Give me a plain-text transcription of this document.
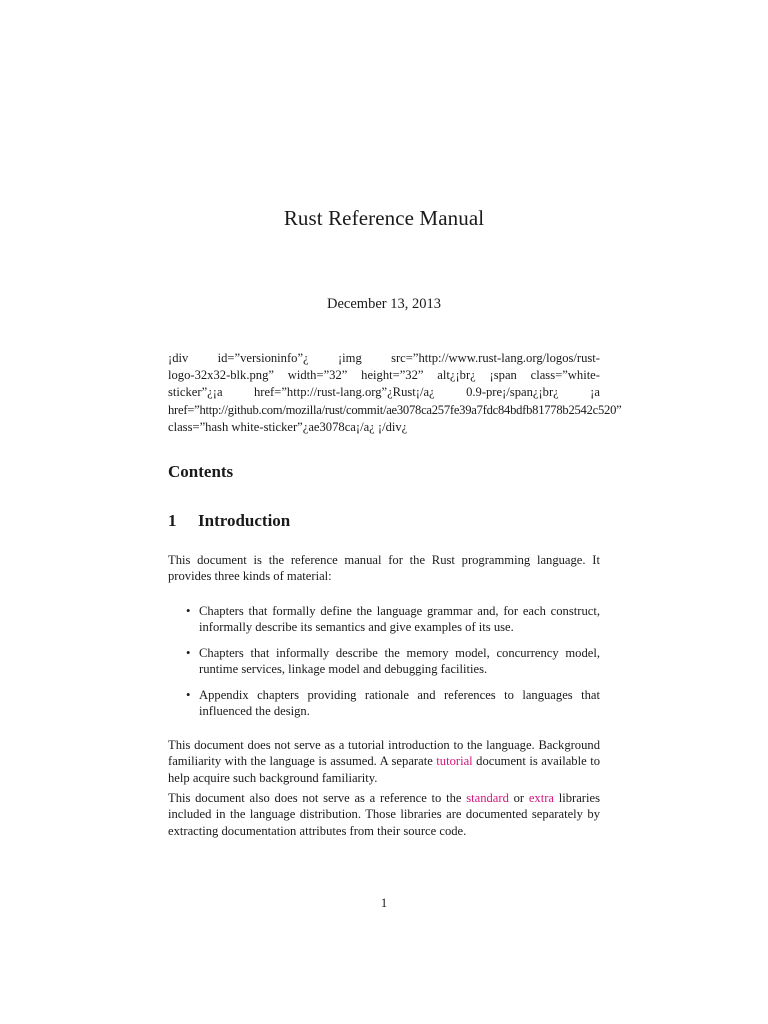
Rust Reference Manual
December 13, 2013
¡div id=”versioninfo”¿ ¡img src=”http://www.rust-lang.org/logos/rust-
logo-32x32-blk.png” width=”32” height=”32” alt¿¡br¿ ¡span class=”white-
sticker”¿¡a href=”http://rust-lang.org”¿Rust¡/a¿ 0.9-pre¡/span¿¡br¿ ¡a
href=”http://github.com/mozilla/rust/commit/ae3078ca257fe39a7fdc84bdfb81778b2542c520”
class=”hash white-sticker”¿ae3078ca¡/a¿ ¡/div¿
Contents
1 Introduction
This document is the reference manual for the Rust programming language. It provides three kinds of material:
• Chapters that formally define the language grammar and, for each construct, informally describe its semantics and give examples of its use.
• Chapters that informally describe the memory model, concurrency model, runtime services, linkage model and debugging facilities.
• Appendix chapters providing rationale and references to languages that influenced the design.
This document does not serve as a tutorial introduction to the language. Background familiarity with the language is assumed. A separate tutorial document is available to help acquire such background familiarity.
This document also does not serve as a reference to the standard or extra libraries included in the language distribution. Those libraries are documented separately by extracting documentation attributes from their source code.
1
